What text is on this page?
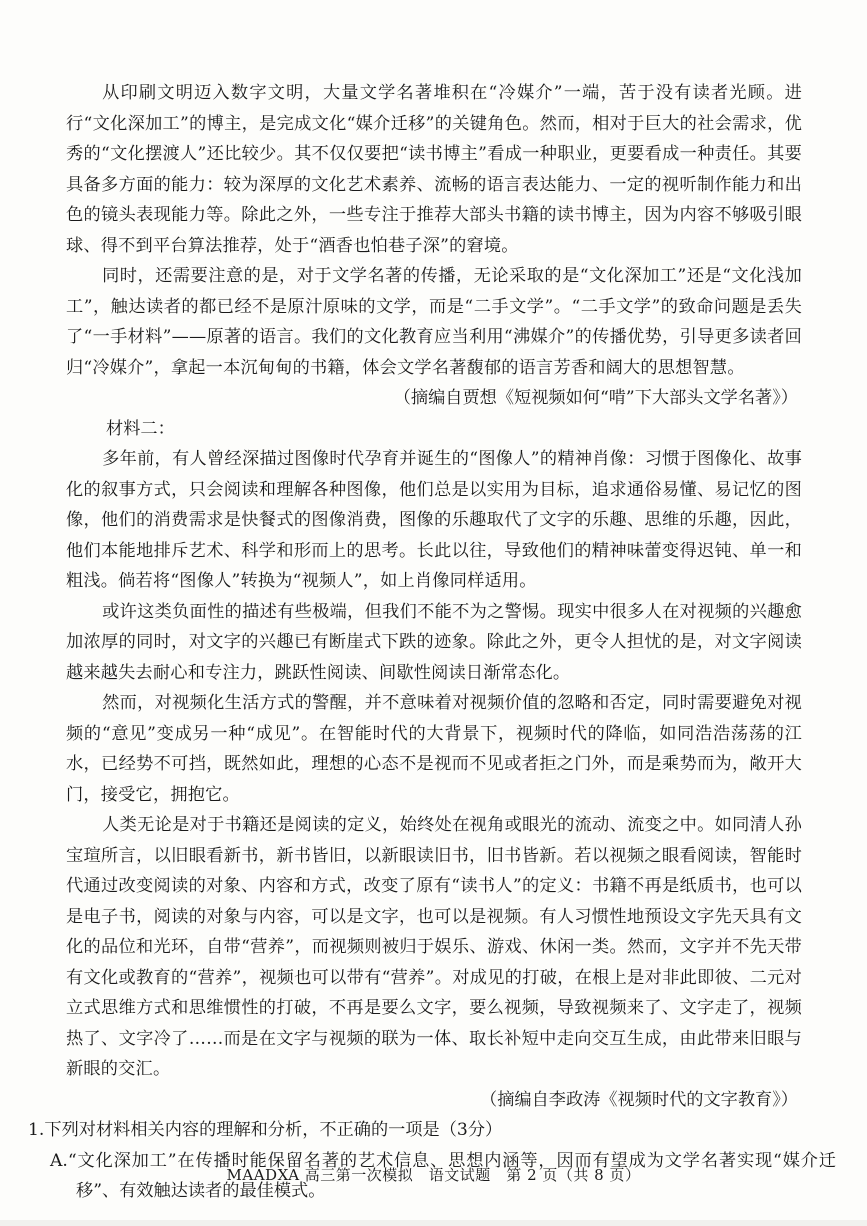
从印刷文明迈入数字文明，大量文学名著堆积在“冷媒介”一端，苦于没有读者光顾。进行“文化深加工”的博主，是完成文化“媒介迁移”的关键角色。然而，相对于巨大的社会需求，优秀的“文化摆渡人”还比较少。其不仅仅要把“读书博主”看成一种职业，更要看成一种责任。其要具备多方面的能力：较为深厚的文化艺术素养、流畅的语言表达能力、一定的视听制作能力和出色的镜头表现能力等。除此之外，一些专注于推荐大部头书籍的读书博主，因为内容不够吸引眼球、得不到平台算法推荐，处于“酒香也怕巷子深”的窘境。

同时，还需要注意的是，对于文学名著的传播，无论采取的是“文化深加工”还是“文化浅加工”，触达读者的都已经不是原汁原味的文学，而是“二手文学”。“二手文学”的致命问题是丢失了“一手材料”——原著的语言。我们的文化教育应当利用“沸媒介”的传播优势，引导更多读者回归“冷媒介”，拿起一本沉甸甸的书籍，体会文学名著馥郁的语言芳香和阔大的思想智慧。

（摘编自贾想《短视频如何“啃”下大部头文学名著》）

材料二：

多年前，有人曾经深描过图像时代孕育并诞生的“图像人”的精神肖像：习惯于图像化、故事化的叙事方式，只会阅读和理解各种图像，他们总是以实用为目标，追求通俗易懂、易记忆的图像，他们的消费需求是快餐式的图像消费，图像的乐趣取代了文字的乐趣、思维的乐趣，因此，他们本能地排斥艺术、科学和形而上的思考。长此以往，导致他们的精神味蕾变得迟钝、单一和粗浅。倘若将“图像人”转换为“视频人”，如上肖像同样适用。

或许这类负面性的描述有些极端，但我们不能不为之警惕。现实中很多人在对视频的兴趣愈加浓厚的同时，对文字的兴趣已有断崖式下跌的迹象。除此之外，更令人担忧的是，对文字阅读越来越失去耐心和专注力，跳跃性阅读、间歇性阅读日渐常态化。

然而，对视频化生活方式的警醒，并不意味着对视频价值的忽略和否定，同时需要避免对视频的“意见”变成另一种“成见”。在智能时代的大背景下，视频时代的降临，如同浩浩荡荡的江水，已经势不可挡，既然如此，理想的心态不是视而不见或者拒之门外，而是乘势而为，敞开大门，接受它，拥抱它。

人类无论是对于书籍还是阅读的定义，始终处在视角或眼光的流动、流变之中。如同清人孙宝瑄所言，以旧眼看新书，新书皆旧，以新眼读旧书，旧书皆新。若以视频之眼看阅读，智能时代通过改变阅读的对象、内容和方式，改变了原有“读书人”的定义：书籍不再是纸质书，也可以是电子书，阅读的对象与内容，可以是文字，也可以是视频。有人习惯性地预设文字先天具有文化的品位和光环，自带“营养”，而视频则被归于娱乐、游戏、休闲一类。然而，文字并不先天带有文化或教育的“营养”，视频也可以带有“营养”。对成见的打破，在根上是对非此即彼、二元对立式思维方式和思维惯性的打破，不再是要么文字，要么视频，导致视频来了、文字走了，视频热了、文字冷了……而是在文字与视频的联为一体、取长补短中走向交互生成，由此带来旧眼与新眼的交汇。

（摘编自李政涛《视频时代的文字教育》）

1.下列对材料相关内容的理解和分析，不正确的一项是（3分）

A.“文化深加工”在传播时能保留名著的艺术信息、思想内涵等，因而有望成为文学名著实现“媒介迁移”、有效触达读者的最佳模式。

MAADXA 高三第一次模拟　语文试题　第 2 页（共 8 页）
